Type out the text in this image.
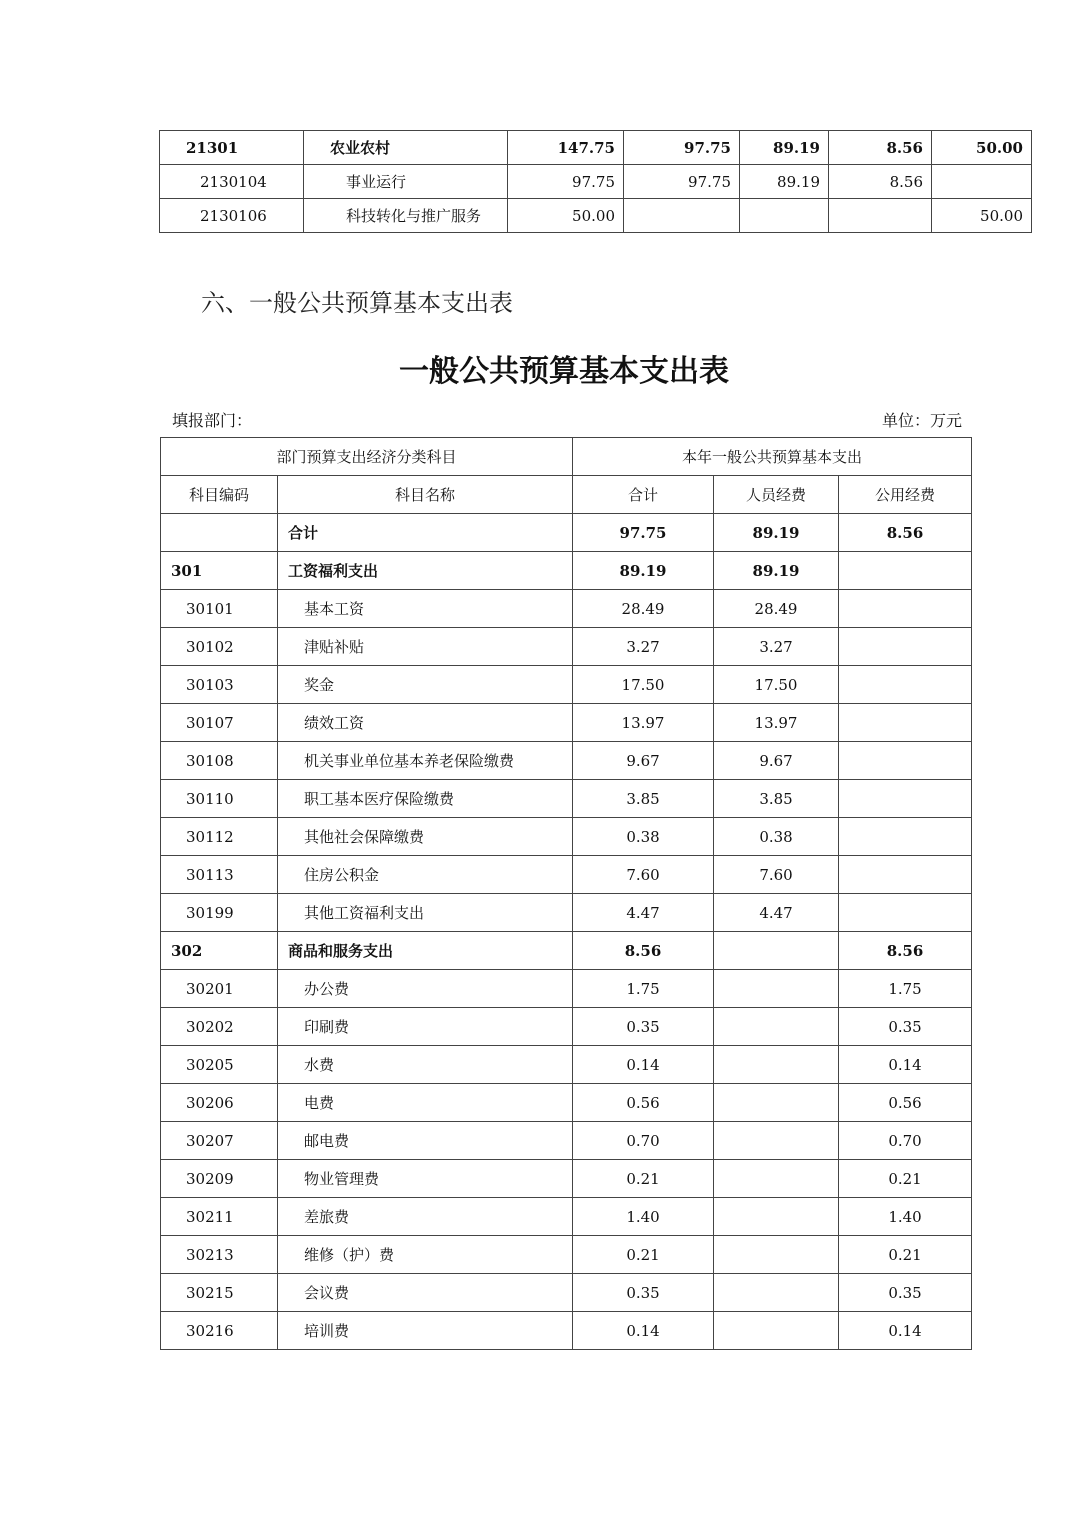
21301	农业农村	147.75	97.75	89.19	8.56	50.00
2130104	事业运行	97.75	97.75	89.19	8.56	
2130106	科技转化与推广服务	50.00				50.00
六、一般公共预算基本支出表
一般公共预算基本支出表
填报部门：	单位：万元
部门预算支出经济分类科目		本年一般公共预算基本支出		
科目编码	科目名称	合计	人员经费	公用经费
	合计	97.75	89.19	8.56
301	工资福利支出	89.19	89.19	
30101	基本工资	28.49	28.49	
30102	津贴补贴	3.27	3.27	
30103	奖金	17.50	17.50	
30107	绩效工资	13.97	13.97	
30108	机关事业单位基本养老保险缴费	9.67	9.67	
30110	职工基本医疗保险缴费	3.85	3.85	
30112	其他社会保障缴费	0.38	0.38	
30113	住房公积金	7.60	7.60	
30199	其他工资福利支出	4.47	4.47	
302	商品和服务支出	8.56		8.56
30201	办公费	1.75		1.75
30202	印刷费	0.35		0.35
30205	水费	0.14		0.14
30206	电费	0.56		0.56
30207	邮电费	0.70		0.70
30209	物业管理费	0.21		0.21
30211	差旅费	1.40		1.40
30213	维修（护）费	0.21		0.21
30215	会议费	0.35		0.35
30216	培训费	0.14		0.14
